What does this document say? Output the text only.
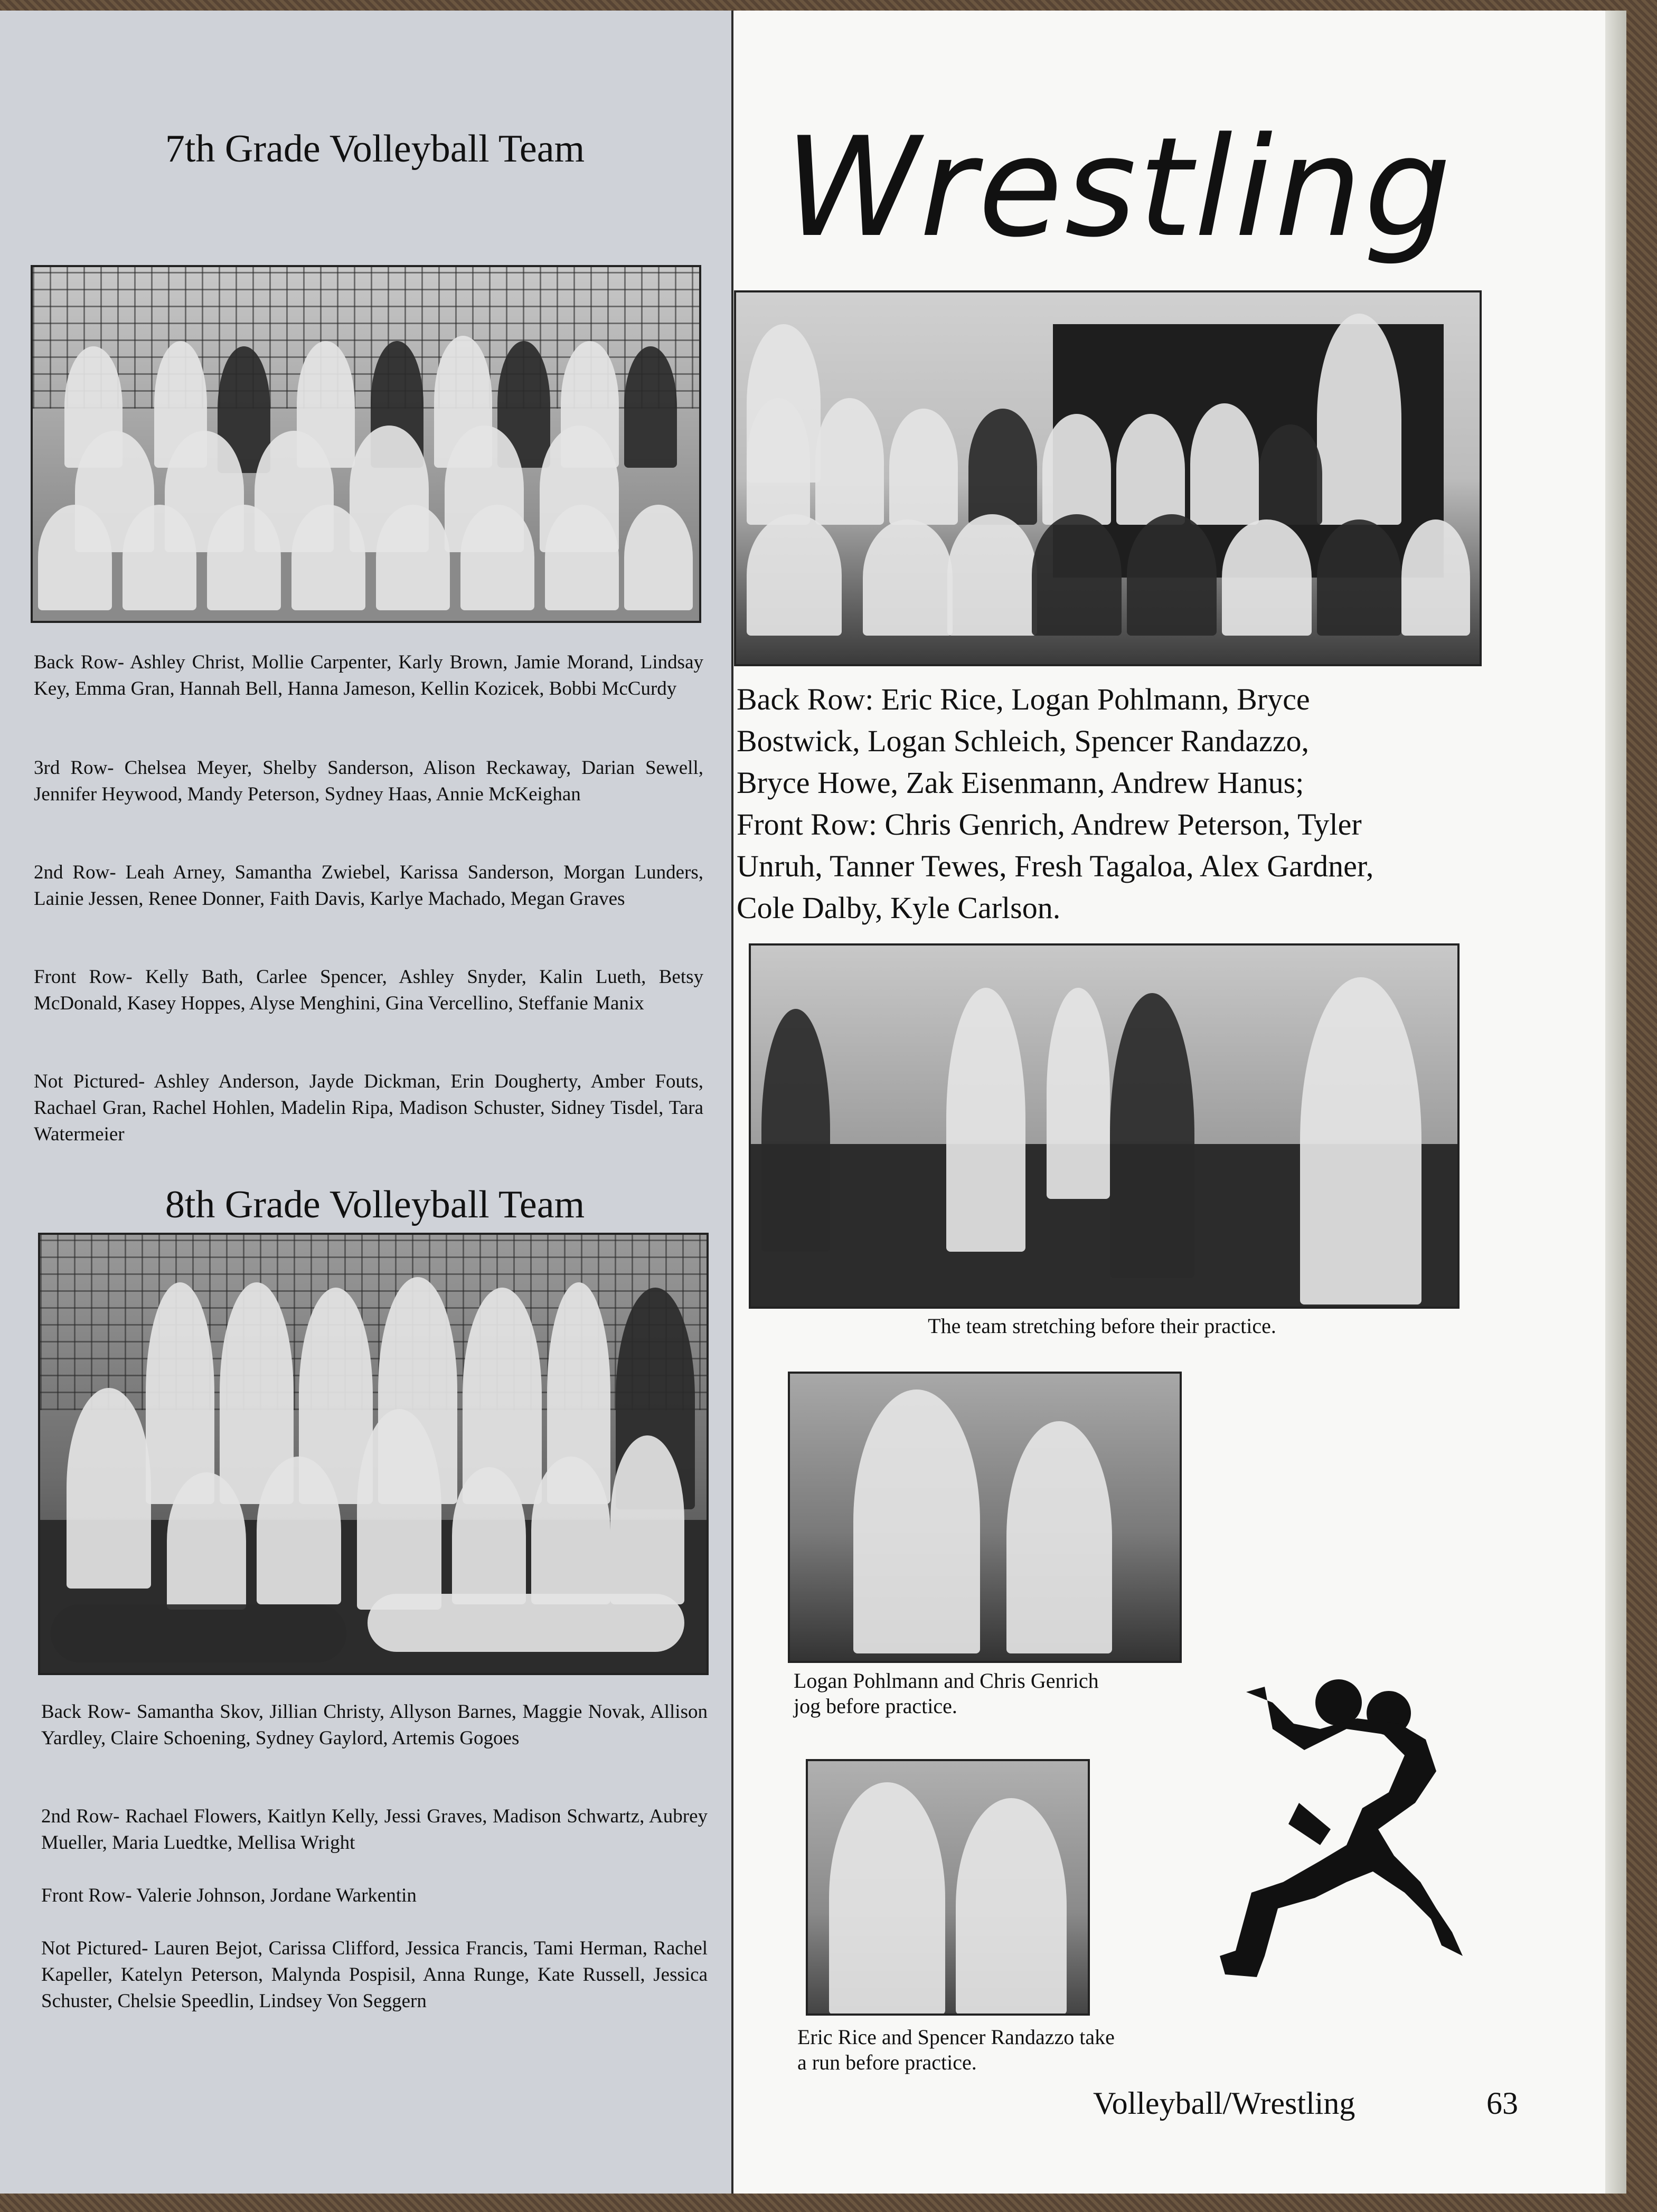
7th Grade Volleyball Team
Back Row- Ashley Christ, Mollie Carpenter, Karly Brown, Jamie Morand, Lindsay Key, Emma Gran, Hannah Bell, Hanna Jameson, Kellin Kozicek, Bobbi McCurdy
3rd Row- Chelsea Meyer, Shelby Sanderson, Alison Reckaway, Darian Sewell, Jennifer Heywood, Mandy Peterson, Sydney Haas, Annie McKeighan
2nd Row- Leah Arney, Samantha Zwiebel, Karissa Sanderson, Morgan Lunders, Lainie Jessen, Renee Donner, Faith Davis, Karlye Machado, Megan Graves
Front Row- Kelly Bath, Carlee Spencer, Ashley Snyder, Kalin Lueth, Betsy McDonald, Kasey Hoppes, Alyse Menghini, Gina Vercellino, Steffanie Manix
Not Pictured- Ashley Anderson, Jayde Dickman, Erin Dougherty, Amber Fouts, Rachael Gran, Rachel Hohlen, Madelin Ripa, Madison Schuster, Sidney Tisdel, Tara Watermeier
8th Grade Volleyball Team
Back Row- Samantha Skov, Jillian Christy, Allyson Barnes, Maggie Novak, Allison Yardley, Claire Schoening, Sydney Gaylord, Artemis Gogoes
2nd Row- Rachael Flowers, Kaitlyn Kelly, Jessi Graves, Madison Schwartz, Aubrey Mueller, Maria Luedtke, Mellisa Wright
Front Row- Valerie Johnson, Jordane Warkentin
Not Pictured- Lauren Bejot, Carissa Clifford, Jessica Francis, Tami Herman, Rachel Kapeller, Katelyn Peterson, Malynda Pospisil, Anna Runge, Kate Russell, Jessica Schuster, Chelsie Speedlin, Lindsey Von Seggern
Wrestling
Back Row: Eric Rice, Logan Pohlmann, Bryce
Bostwick, Logan Schleich, Spencer Randazzo,
Bryce Howe, Zak Eisenmann, Andrew Hanus;
Front Row: Chris Genrich, Andrew Peterson, Tyler
Unruh, Tanner Tewes, Fresh Tagaloa, Alex Gardner,
Cole Dalby, Kyle Carlson.
The team stretching before their practice.
Logan Pohlmann and Chris Genrich
jog before practice.
Eric Rice and Spencer Randazzo take
a run before practice.
Volleyball/Wrestling	63
